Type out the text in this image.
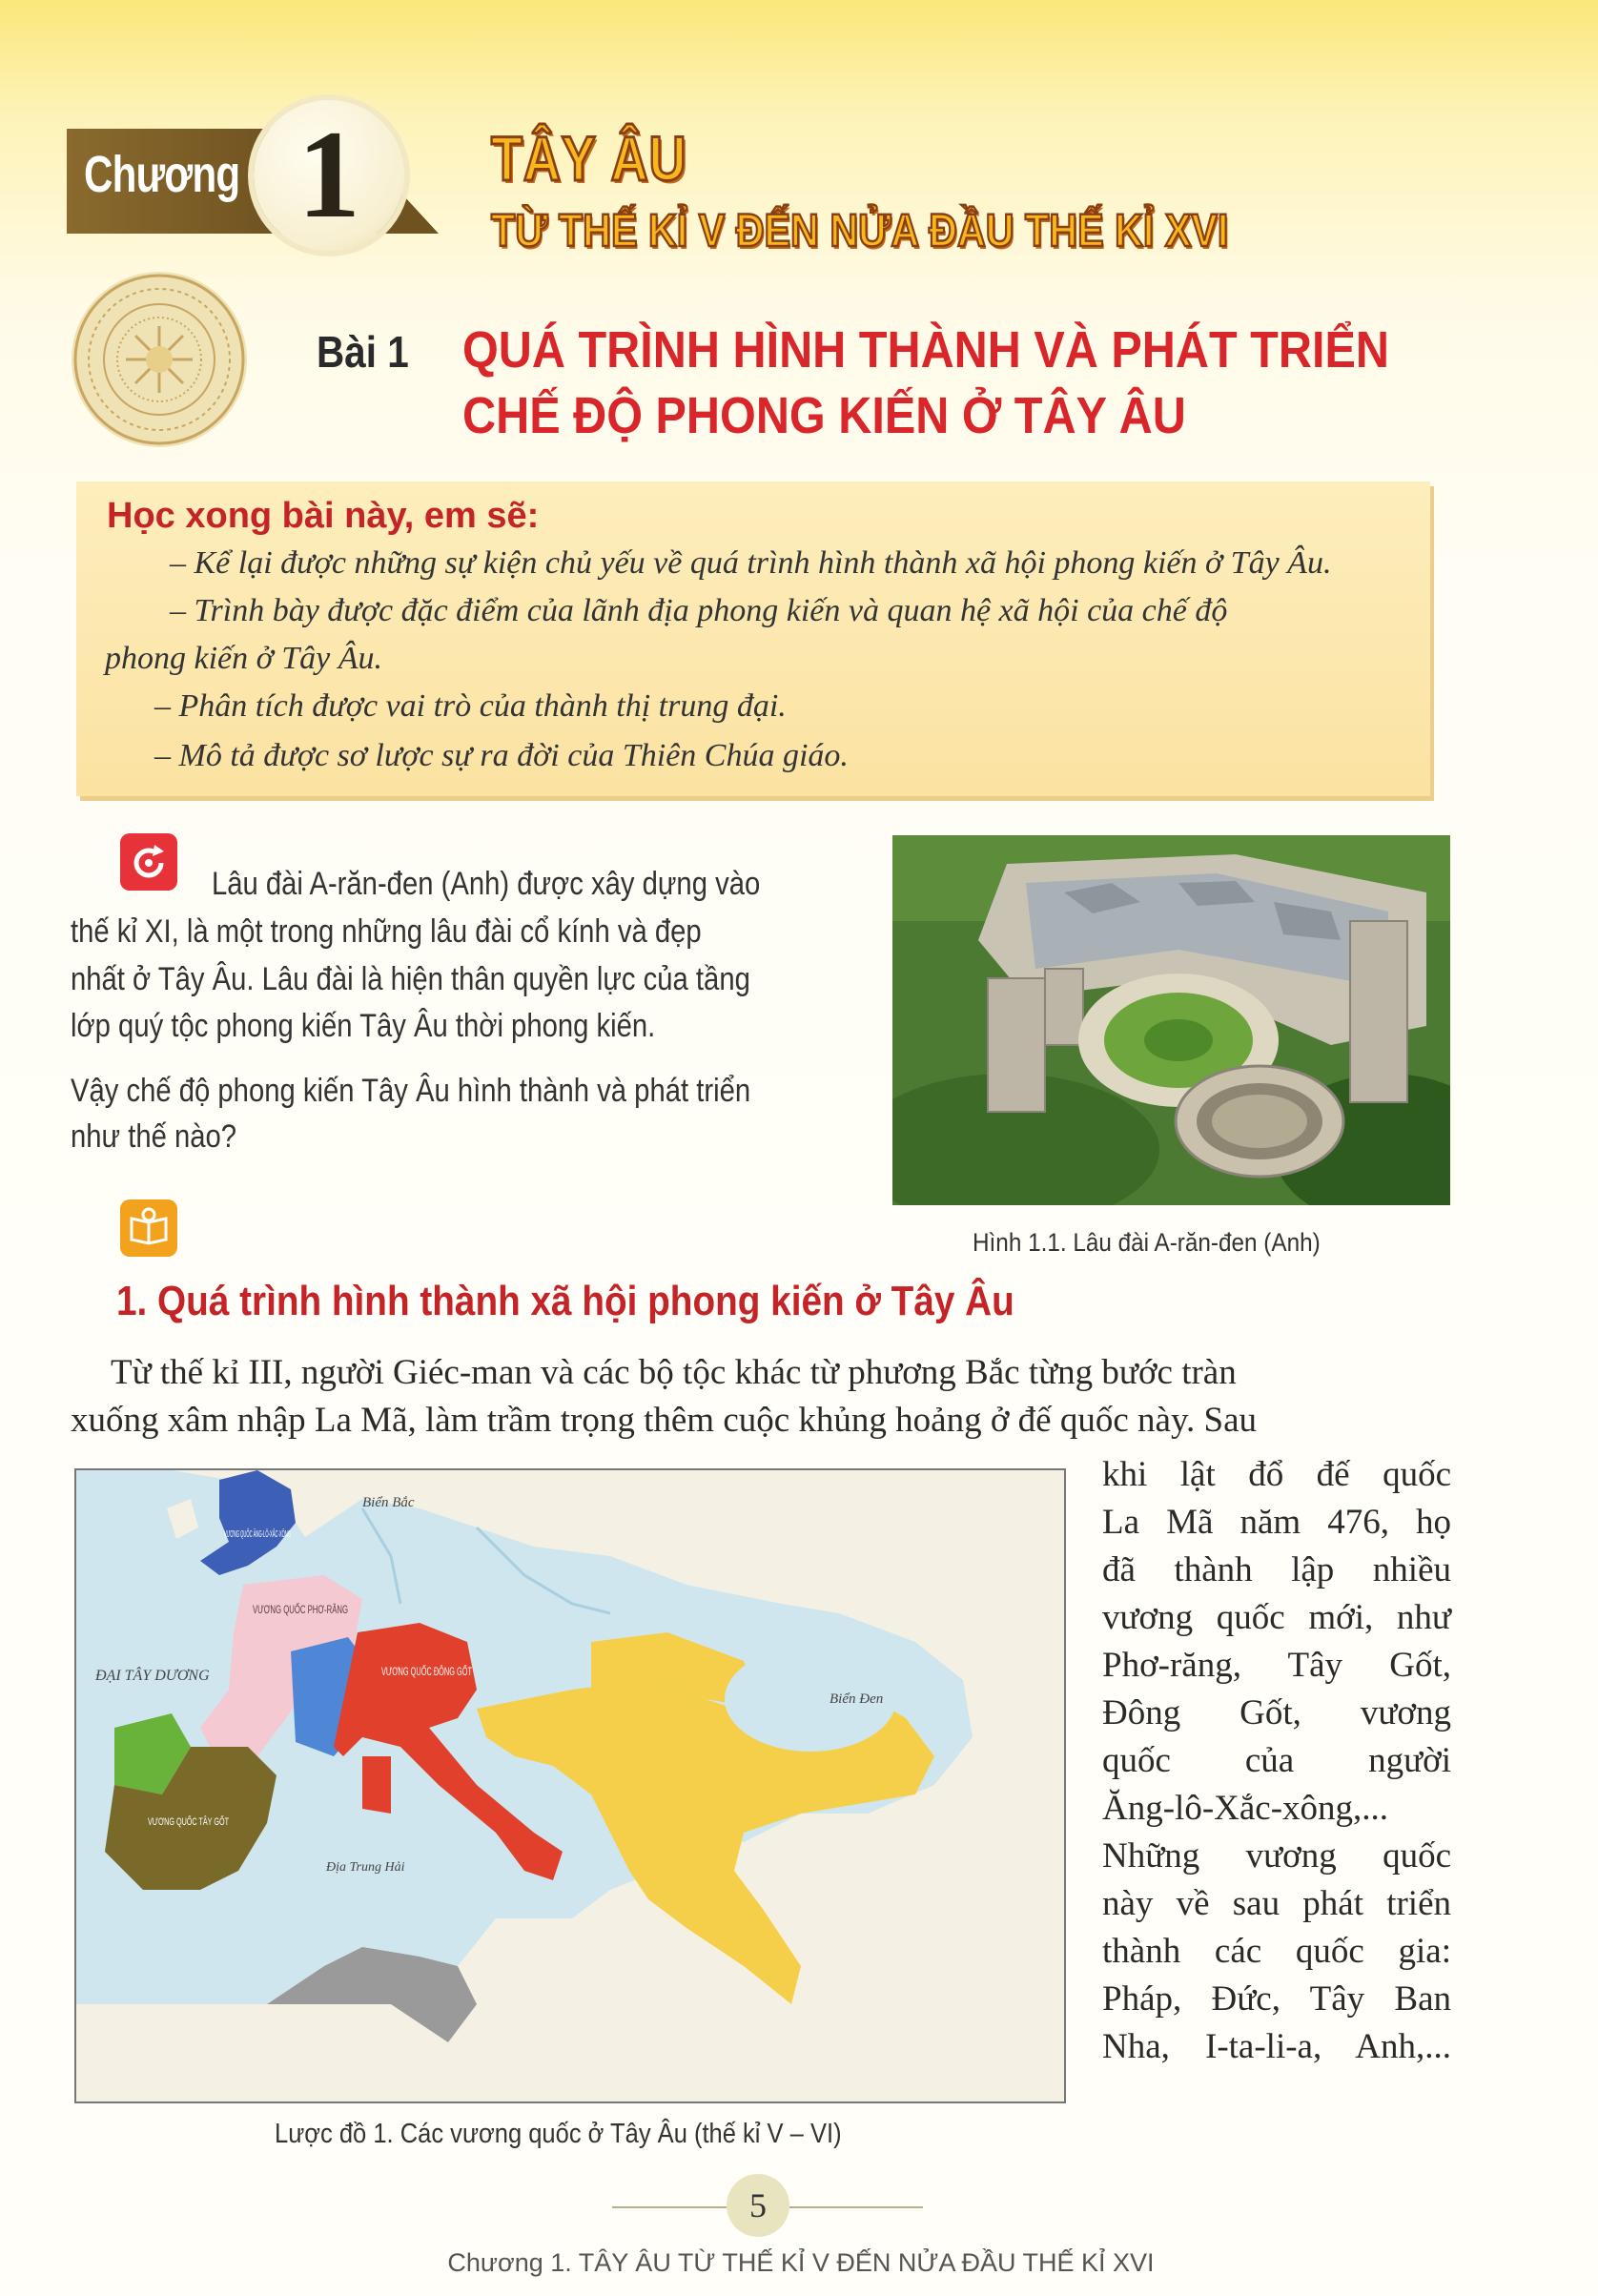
Chương 1	TÂY ÂU
TỪ THẾ KỈ V ĐẾN NỬA ĐẦU THẾ KỈ XVI
Bài 1 QUÁ TRÌNH HÌNH THÀNH VÀ PHÁT TRIỂN
CHẾ ĐỘ PHONG KIẾN Ở TÂY ÂU
Học xong bài này, em sẽ:
– Kể lại được những sự kiện chủ yếu về quá trình hình thành xã hội phong kiến ở Tây Âu.
– Trình bày được đặc điểm của lãnh địa phong kiến và quan hệ xã hội của chế độ
phong kiến ở Tây Âu.
– Phân tích được vai trò của thành thị trung đại.
– Mô tả được sơ lược sự ra đời của Thiên Chúa giáo.
Lâu đài A-răn-đen (Anh) được xây dựng vào
thế kỉ XI, là một trong những lâu đài cổ kính và đẹp
nhất ở Tây Âu. Lâu đài là hiện thân quyền lực của tầng
lớp quý tộc phong kiến Tây Âu thời phong kiến.
Vậy chế độ phong kiến Tây Âu hình thành và phát triển
như thế nào?
Hình 1.1. Lâu đài A-răn-đen (Anh)
1. Quá trình hình thành xã hội phong kiến ở Tây Âu
Từ thế kỉ III, người Giéc-man và các bộ tộc khác từ phương Bắc từng bước tràn
xuống xâm nhập La Mã, làm trầm trọng thêm cuộc khủng hoảng ở đế quốc này. Sau
khi lật đổ đế quốc
La Mã năm 476, họ
đã thành lập nhiều
vương quốc mới, như
Phơ-răng, Tây Gốt,
Đông Gốt, vương
quốc của người
Ăng-lô-Xắc-xông,...
Những vương quốc
này về sau phát triển
thành các quốc gia:
Pháp, Đức, Tây Ban
Nha, I-ta-li-a, Anh,...
Biển Bắc
ĐẠI TÂY DƯƠNG
Biển Đen
Địa Trung Hải
VƯƠNG QUỐC PHƠ-RĂNG
VƯƠNG QUỐC ĐÔNG GỐT
VƯƠNG QUỐC TÂY GỐT
Lược đồ 1. Các vương quốc ở Tây Âu (thế kỉ V – VI)
5
Chương 1. TÂY ÂU TỪ THẾ KỈ V ĐẾN NỬA ĐẦU THẾ KỈ XVI
